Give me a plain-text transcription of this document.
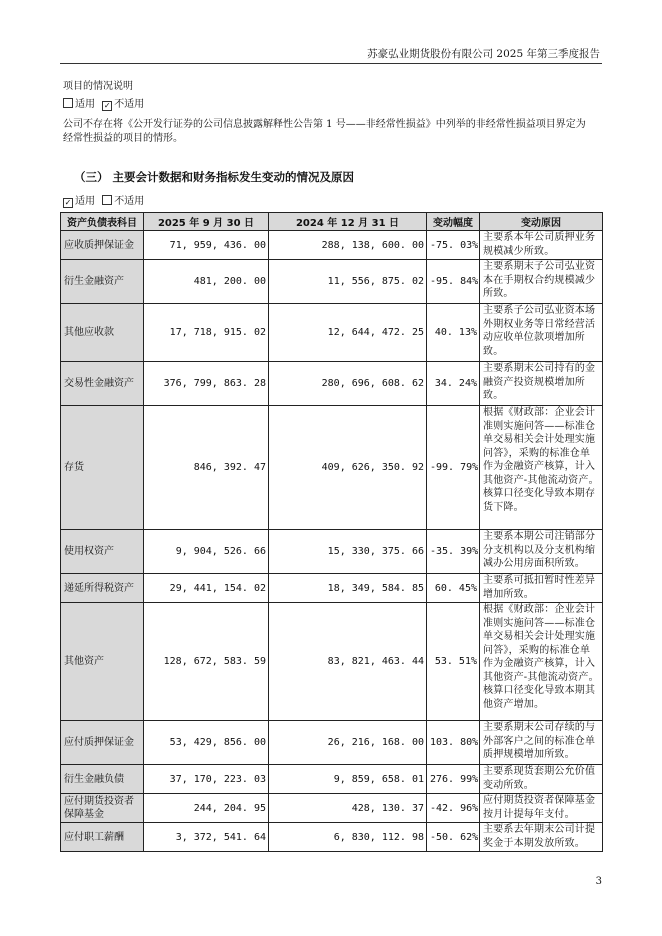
苏豪弘业期货股份有限公司 2025 年第三季度报告
项目的情况说明
适用 ✓ 不适用
公司不存在将《公开发行证券的公司信息披露解释性公告第 1 号——非经常性损益》中列举的非经常性损益项目界定为
经常性损益的项目的情形。
（三） 主要会计数据和财务指标发生变动的情况及原因
✓ 适用 不适用
资产负债表科目	2025 年 9 月 30 日	2024 年 12 月 31 日	变动幅度	变动原因
应收质押保证金	71, 959, 436. 00	288, 138, 600. 00	-75. 03%	主要系本年公司质押业务规模减少所致。
衍生金融资产	481, 200. 00	11, 556, 875. 02	-95. 84%	主要系期末子公司弘业资本在手期权合约规模减少所致。
其他应收款	17, 718, 915. 02	12, 644, 472. 25	40. 13%	主要系子公司弘业资本场外期权业务等日常经营活动应收单位款项增加所致。
交易性金融资产	376, 799, 863. 28	280, 696, 608. 62	34. 24%	主要系期末公司持有的金融资产投资规模增加所致。
存货	846, 392. 47	409, 626, 350. 92	-99. 79%	根据《财政部：企业会计准则实施问答——标准仓单交易相关会计处理实施问答》，采购的标准仓单作为金融资产核算，计入其他资产-其他流动资产。核算口径变化导致本期存货下降。
使用权资产	9, 904, 526. 66	15, 330, 375. 66	-35. 39%	主要系本期公司注销部分分支机构以及分支机构缩减办公用房面积所致。
递延所得税资产	29, 441, 154. 02	18, 349, 584. 85	60. 45%	主要系可抵扣暂时性差异增加所致。
其他资产	128, 672, 583. 59	83, 821, 463. 44	53. 51%	根据《财政部：企业会计准则实施问答——标准仓单交易相关会计处理实施问答》，采购的标准仓单作为金融资产核算，计入其他资产-其他流动资产。核算口径变化导致本期其他资产增加。
应付质押保证金	53, 429, 856. 00	26, 216, 168. 00	103. 80%	主要系期末公司存续的与外部客户之间的标准仓单质押规模增加所致。
衍生金融负债	37, 170, 223. 03	9, 859, 658. 01	276. 99%	主要系现货套期公允价值变动所致。
应付期货投资者保障基金	244, 204. 95	428, 130. 37	-42. 96%	应付期货投资者保障基金按月计提每年支付。
应付职工薪酬	3, 372, 541. 64	6, 830, 112. 98	-50. 62%	主要系去年期末公司计提奖金于本期发放所致。
3
